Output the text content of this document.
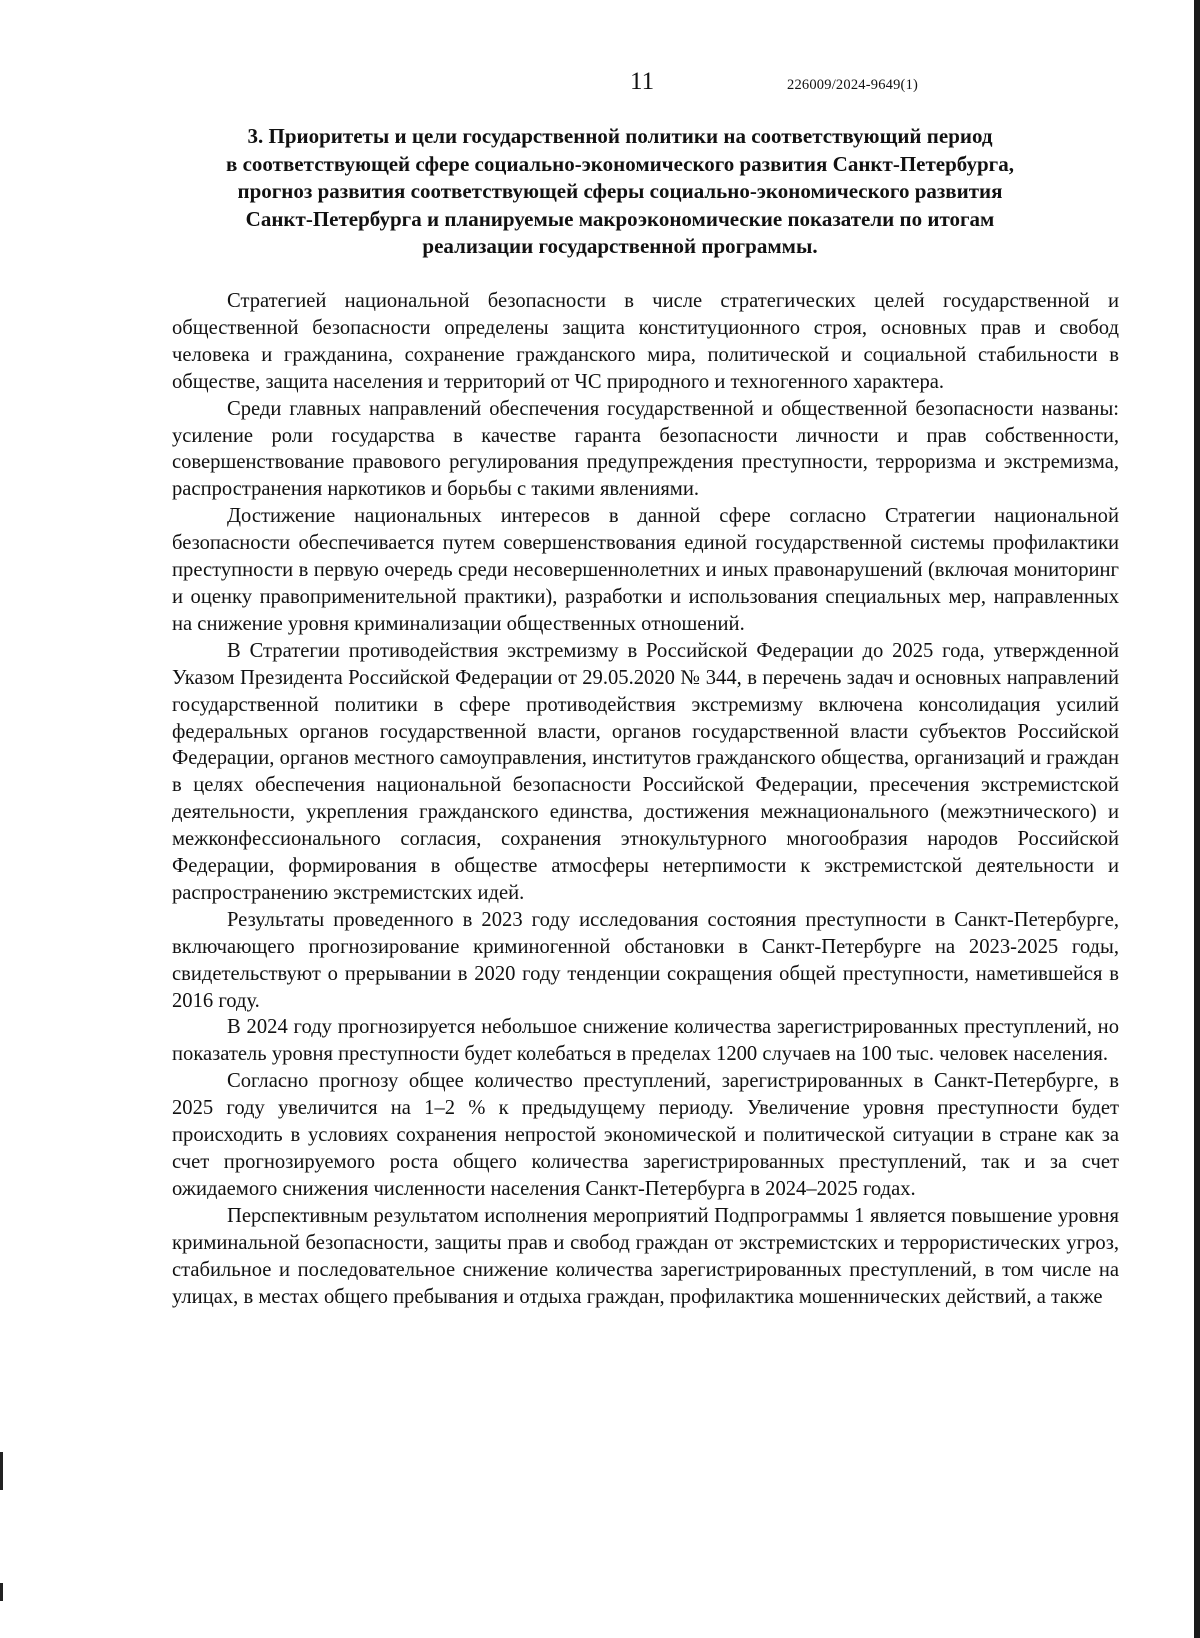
11	226009/2024-9649(1)
3. Приоритеты и цели государственной политики на соответствующий период
в соответствующей сфере социально-экономического развития Санкт-Петербурга,
прогноз развития соответствующей сферы социально-экономического развития
Санкт-Петербурга и планируемые макроэкономические показатели по итогам
реализации государственной программы.

Стратегией национальной безопасности в числе стратегических целей государственной и общественной безопасности определены защита конституционного строя, основных прав и свобод человека и гражданина, сохранение гражданского мира, политической и социальной стабильности в обществе, защита населения и территорий от ЧС природного и техногенного характера.

Среди главных направлений обеспечения государственной и общественной безопасности названы: усиление роли государства в качестве гаранта безопасности личности и прав собственности, совершенствование правового регулирования предупреждения преступности, терроризма и экстремизма, распространения наркотиков и борьбы с такими явлениями.

Достижение национальных интересов в данной сфере согласно Стратегии национальной безопасности обеспечивается путем совершенствования единой государственной системы профилактики преступности в первую очередь среди несовершеннолетних и иных правонарушений (включая мониторинг и оценку правоприменительной практики), разработки и использования специальных мер, направленных на снижение уровня криминализации общественных отношений.

В Стратегии противодействия экстремизму в Российской Федерации до 2025 года, утвержденной Указом Президента Российской Федерации от 29.05.2020 № 344, в перечень задач и основных направлений государственной политики в сфере противодействия экстремизму включена консолидация усилий федеральных органов государственной власти, органов государственной власти субъектов Российской Федерации, органов местного самоуправления, институтов гражданского общества, организаций и граждан в целях обеспечения национальной безопасности Российской Федерации, пресечения экстремистской деятельности, укрепления гражданского единства, достижения межнационального (межэтнического) и межконфессионального согласия, сохранения этнокультурного многообразия народов Российской Федерации, формирования в обществе атмосферы нетерпимости к экстремистской деятельности и распространению экстремистских идей.

Результаты проведенного в 2023 году исследования состояния преступности в Санкт-Петербурге, включающего прогнозирование криминогенной обстановки в Санкт-Петербурге на 2023-2025 годы, свидетельствуют о прерывании в 2020 году тенденции сокращения общей преступности, наметившейся в 2016 году.

В 2024 году прогнозируется небольшое снижение количества зарегистрированных преступлений, но показатель уровня преступности будет колебаться в пределах 1200 случаев на 100 тыс. человек населения.

Согласно прогнозу общее количество преступлений, зарегистрированных в Санкт-Петербурге, в 2025 году увеличится на 1–2 % к предыдущему периоду. Увеличение уровня преступности будет происходить в условиях сохранения непростой экономической и политической ситуации в стране как за счет прогнозируемого роста общего количества зарегистрированных преступлений, так и за счет ожидаемого снижения численности населения Санкт-Петербурга в 2024–2025 годах.

Перспективным результатом исполнения мероприятий Подпрограммы 1 является повышение уровня криминальной безопасности, защиты прав и свобод граждан от экстремистских и террористических угроз, стабильное и последовательное снижение количества зарегистрированных преступлений, в том числе на улицах, в местах общего пребывания и отдыха граждан, профилактика мошеннических действий, а также
